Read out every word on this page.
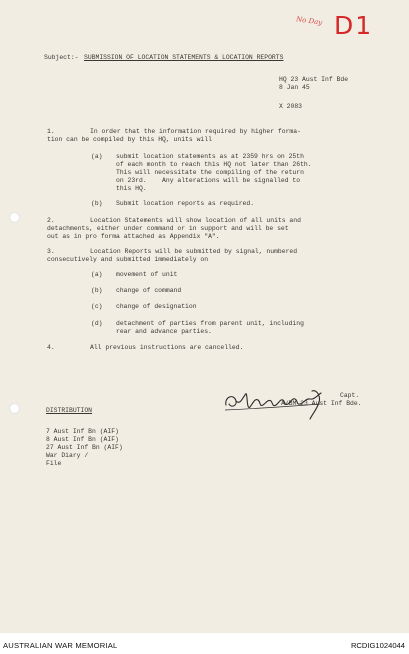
No Day D1
Subject:- SUBMISSION OF LOCATION STATEMENTS & LOCATION REPORTS
HQ 23 Aust Inf Bde
8 Jan 45
X 2083
1.	In order that the information required by higher forma-
tion can be compiled by this HQ, units will
(a) submit location statements as at 2359 hrs on 25th
of each month to reach this HQ not later than 26th.
This will necessitate the compiling of the return
on 23rd.    Any alterations will be signalled to
this HQ.
(b) Submit location reports as required.
2.	Location Statements will show location of all units and
detachments, either under command or in support and will be set
out as in pro forma attached as Appendix "A".
3.	Location Reports will be submitted by signal, numbered
consecutively and submitted immediately on
(a) movement of unit
(b) change of command
(c) change of designation
(d) detachment of parties from parent unit, including
rear and advance parties.
4.	All previous instructions are cancelled.
Capt.
A/BM 23 Aust Inf Bde.
DISTRIBUTION
7 Aust Inf Bn (AIF)
8 Aust Inf Bn (AIF)
27 Aust Inf Bn (AIF)
War Diary /
File
AUSTRALIAN WAR MEMORIAL	RCDIG1024044
